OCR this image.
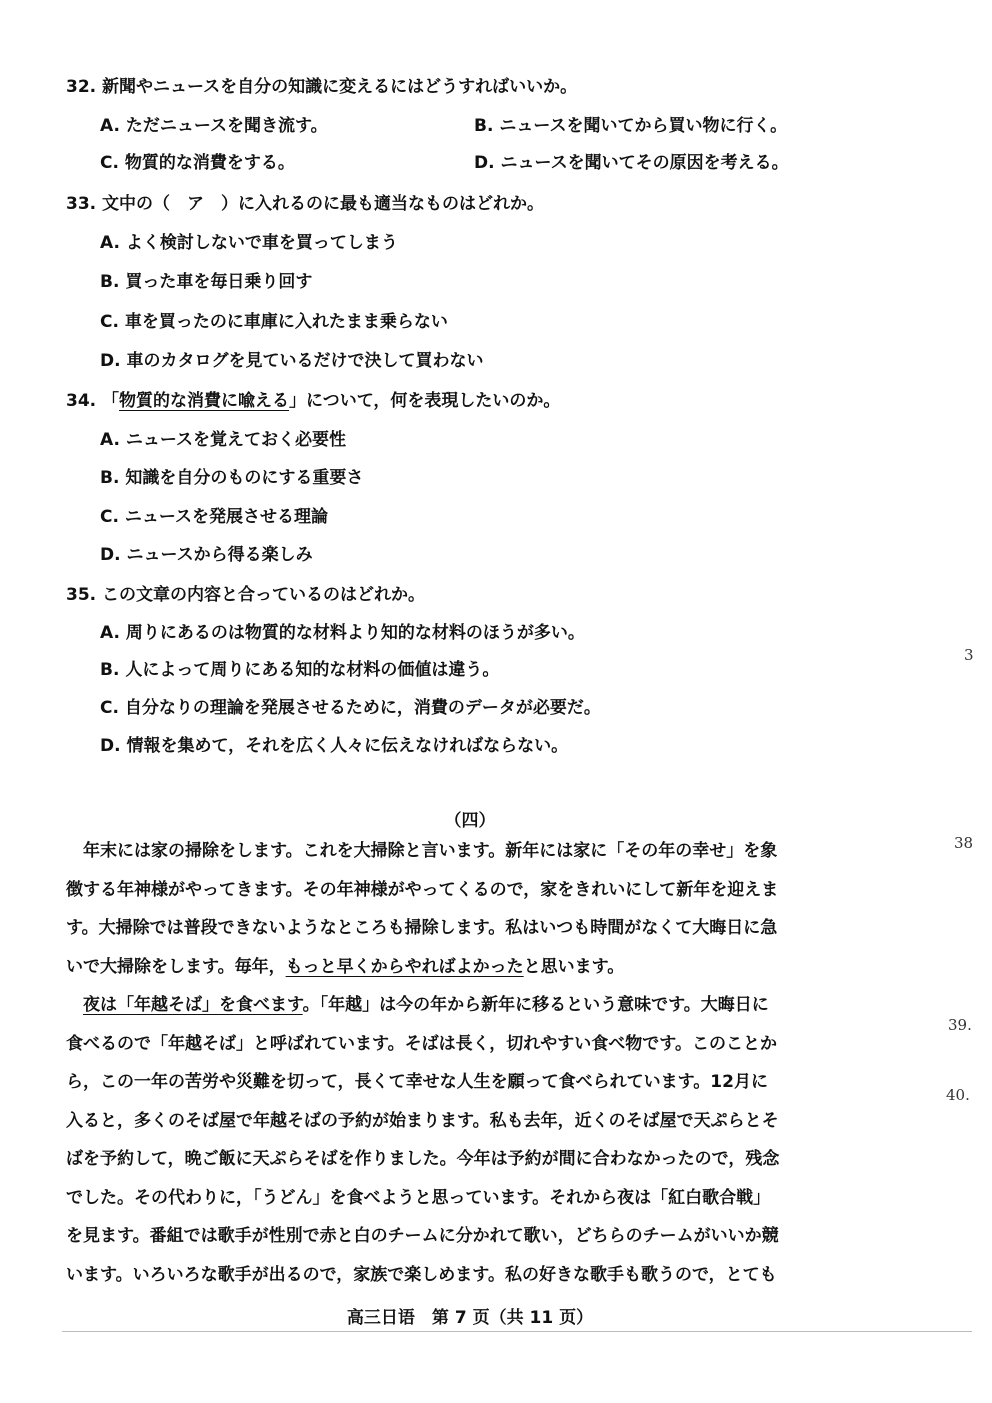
32. 新聞やニュースを自分の知識に変えるにはどうすればいいか。
A. ただニュースを聞き流す。	B. ニュースを聞いてから買い物に行く。
C. 物質的な消費をする。	D. ニュースを聞いてその原因を考える。
33. 文中の（　ア　）に入れるのに最も適当なものはどれか。
A. よく検討しないで車を買ってしまう
B. 買った車を毎日乗り回す
C. 車を買ったのに車庫に入れたまま乗らない
D. 車のカタログを見ているだけで決して買わない
34. 「物質的な消費に喩える」について，何を表現したいのか。
A. ニュースを覚えておく必要性
B. 知識を自分のものにする重要さ
C. ニュースを発展させる理論
D. ニュースから得る楽しみ
35. この文章の内容と合っているのはどれか。
A. 周りにあるのは物質的な材料より知的な材料のほうが多い。
B. 人によって周りにある知的な材料の価値は違う。
C. 自分なりの理論を発展させるために，消費のデータが必要だ。
D. 情報を集めて，それを広く人々に伝えなければならない。
（四）
　年末には家の掃除をします。これを大掃除と言います。新年には家に「その年の幸せ」を象
徴する年神様がやってきます。その年神様がやってくるので，家をきれいにして新年を迎えま
す。大掃除では普段できないようなところも掃除します。私はいつも時間がなくて大晦日に急
いで大掃除をします。毎年，もっと早くからやればよかったと思います。
　夜は「年越そば」を食べます。「年越」は今の年から新年に移るという意味です。大晦日に
食べるので「年越そば」と呼ばれています。そばは長く，切れやすい食べ物です。このことか
ら，この一年の苦労や災難を切って，長くて幸せな人生を願って食べられています。12月に
入ると，多くのそば屋で年越そばの予約が始まります。私も去年，近くのそば屋で天ぷらとそ
ばを予約して，晩ご飯に天ぷらそばを作りました。今年は予約が間に合わなかったので，残念
でした。その代わりに，「うどん」を食べようと思っています。それから夜は「紅白歌合戦」
を見ます。番組では歌手が性別で赤と白のチームに分かれて歌い，どちらのチームがいいか競
います。いろいろな歌手が出るので，家族で楽しめます。私の好きな歌手も歌うので，とても
高三日语　第 7 页（共 11 页）
3
38
39.
40.
